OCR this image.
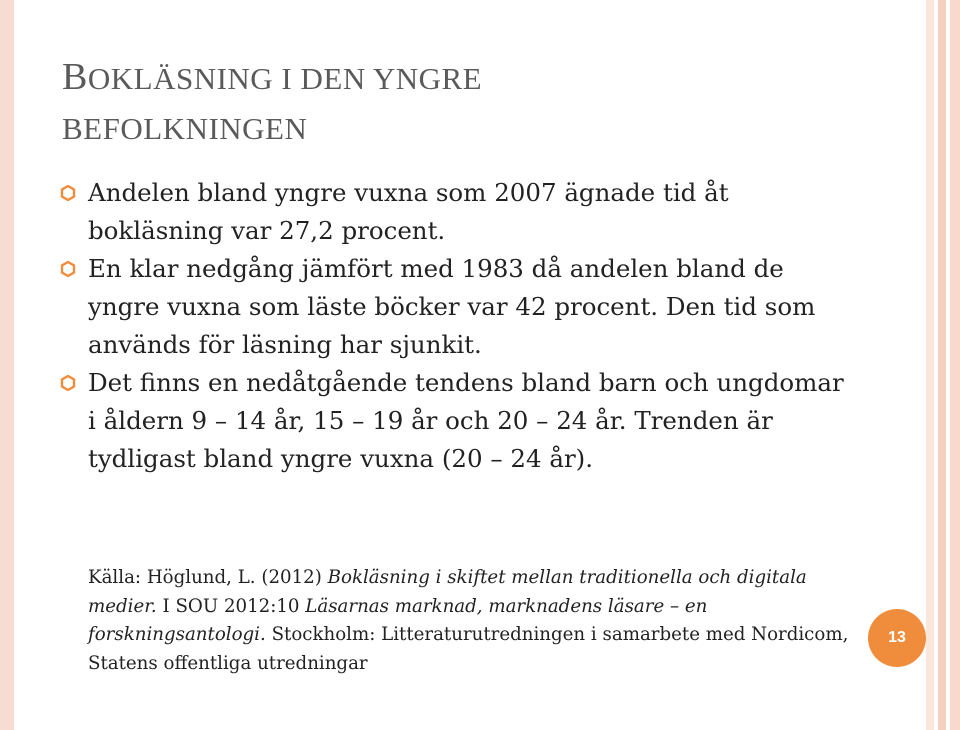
BOKLÄSNING I DEN YNGRE
BEFOLKNINGEN
Andelen bland yngre vuxna som 2007 ägnade tid åt bokläsning var 27,2 procent.
En klar nedgång jämfört med 1983 då andelen bland de yngre vuxna som läste böcker var 42 procent. Den tid som används för läsning har sjunkit.
Det finns en nedåtgående tendens bland barn och ungdomar i åldern 9 – 14 år, 15 – 19 år och 20 – 24 år. Trenden är tydligast bland yngre vuxna (20 – 24 år).

Källa: Höglund, L. (2012) Bokläsning i skiftet mellan traditionella och digitala medier. I SOU 2012:10 Läsarnas marknad, marknadens läsare – en forskningsantologi. Stockholm: Litteraturutredningen i samarbete med Nordicom, Statens offentliga utredningar

13
